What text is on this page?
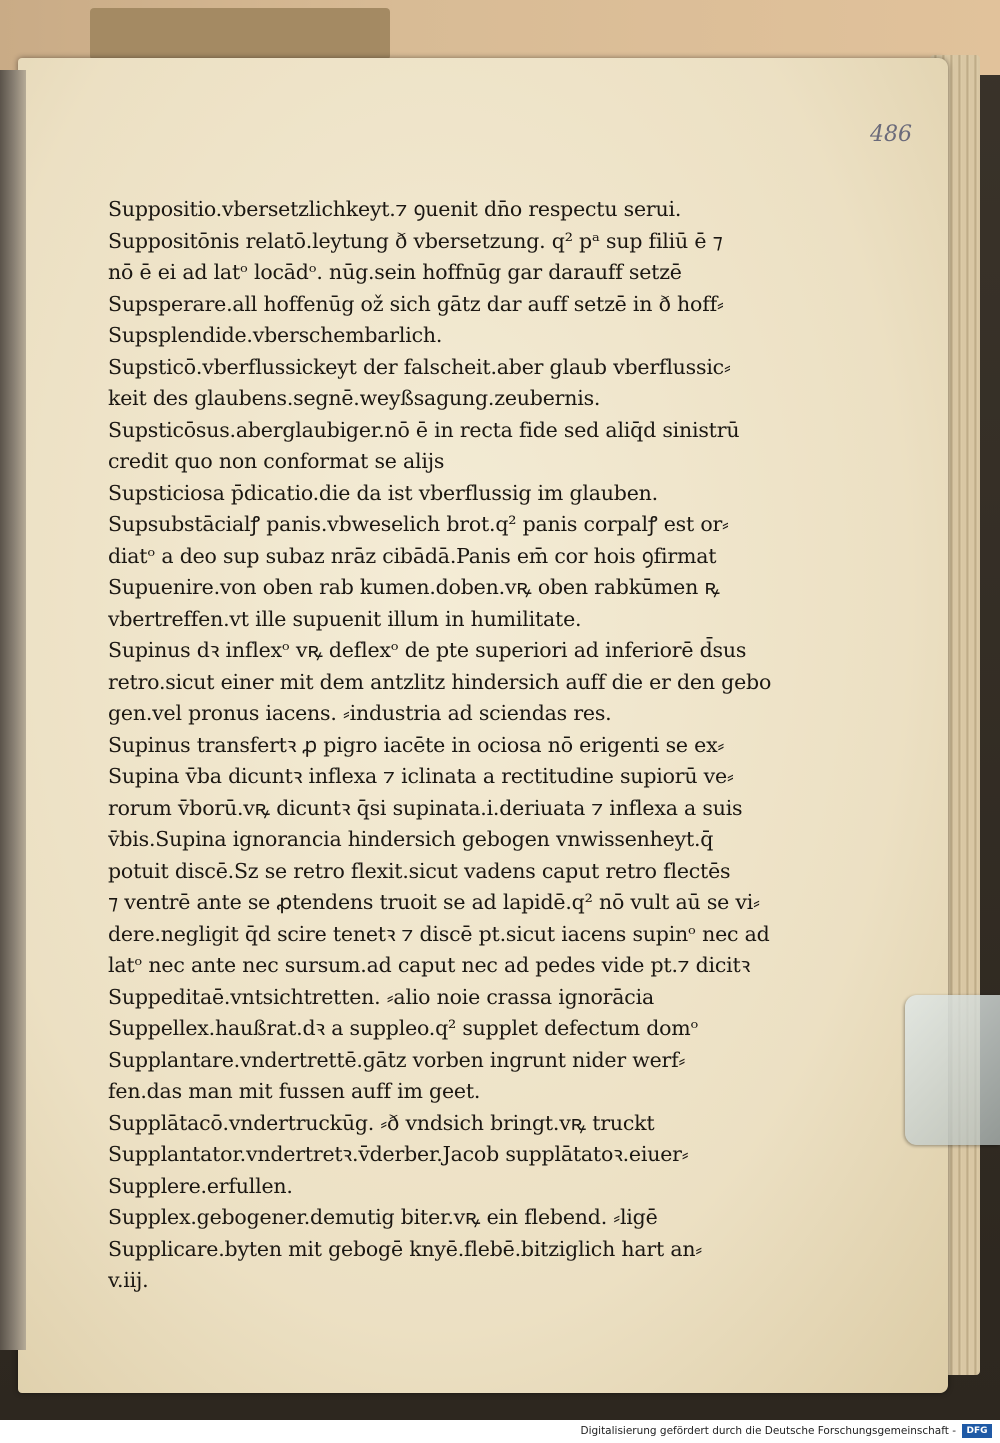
486
Suppositio.vbersetzlichkeyt.⁊ ꝯuenit dn̄o respectu serui.
Suppositōnis relatō.leytung ð vbersetzung. q² pᵃ sup filiū ē ⁊
nō ē ei ad latᵒ locādᵒ. nūg.sein hoffnūg gar darauff setzē
Supsperare.all hoffenūg ož sich gātz dar auff setzē in ð hoff⸗
Supsplendide.vberschembarlich.
Supsticō.vberflussickeyt der falscheit.aber glaub vberflussic⸗
keit des glaubens.segnē.weyßsagung.zeubernis.
Supsticōsus.aberglaubiger.nō ē in recta fide sed aliq̄d sinistrū
credit quo non conformat se alijs
Supsticiosa p̄dicatio.die da ist vberflussig im glauben.
Supsubstācialꝭ panis.vbweselich brot.q² panis corpalꝭ est or⸗
diatᵒ a deo sup subaz nrāz cibādā.Panis em̄ cor hois ꝯfirmat
Supuenire.von oben rab kumen.doben.vꝶ oben rabkūmen ꝶ
vbertreffen.vt ille supuenit illum in humilitate.
Supinus dꝛ inflexᵒ vꝶ deflexᵒ de pte superiori ad inferiorē d̄sus
retro.sicut einer mit dem antzlitz hindersich auff die er den gebo
gen.vel pronus iacens. ⸗industria ad sciendas res.
Supinus transfertꝛ ꝓ pigro iacēte in ociosa nō erigenti se ex⸗
Supina v̄ba dicuntꝛ inflexa ⁊ iclinata a rectitudine supiorū ve⸗
rorum v̄borū.vꝶ dicuntꝛ q̄si supinata.i.deriuata ⁊ inflexa a suis
v̄bis.Supina ignorancia hindersich gebogen vnwissenheyt.q̄
potuit discē.Sz se retro flexit.sicut vadens caput retro flectēs
⁊ ventrē ante se ꝓtendens truoit se ad lapidē.q² nō vult aū se vi⸗
dere.negligit q̄d scire tenetꝛ ⁊ discē pt.sicut iacens supinᵒ nec ad
latᵒ nec ante nec sursum.ad caput nec ad pedes vide pt.⁊ dicitꝛ
Suppeditaē.vntsichtretten. ⸗alio noie crassa ignorācia
Suppellex.haußrat.dꝛ a suppleo.q² supplet defectum domᵒ
Supplantare.vndertrettē.gātz vorben ingrunt nider werf⸗
fen.das man mit fussen auff im geet.
Supplātacō.vndertruckūg. ⸗ð vndsich bringt.vꝶ truckt
Supplantator.vndertretꝛ.v̄derber.Jacob supplātatoꝛ.eiuer⸗
Supplere.erfullen.
Supplex.gebogener.demutig biter.vꝶ ein flebend. ⸗ligē
Supplicare.byten mit gebogē knyē.flebē.bitziglich hart an⸗
v.iij.
Digitalisierung gefördert durch die Deutsche Forschungsgemeinschaft -	DFG
